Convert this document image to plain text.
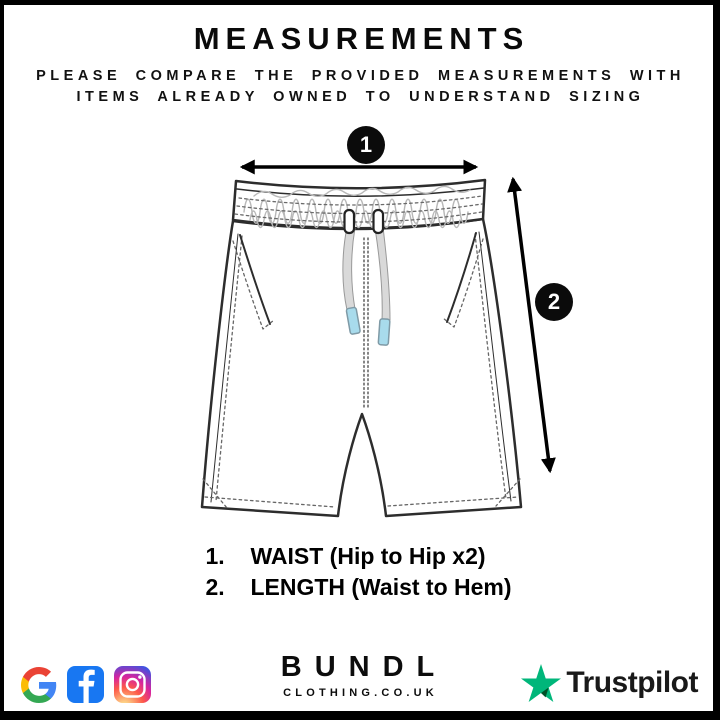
MEASUREMENTS
PLEASE COMPARE THE PROVIDED MEASUREMENTS WITH
ITEMS ALREADY OWNED TO UNDERSTAND SIZING
1
2
1.	WAIST (Hip to Hip x2)
2.	LENGTH (Waist to Hem)
BUNDL
CLOTHING.CO.UK	Trustpilot
